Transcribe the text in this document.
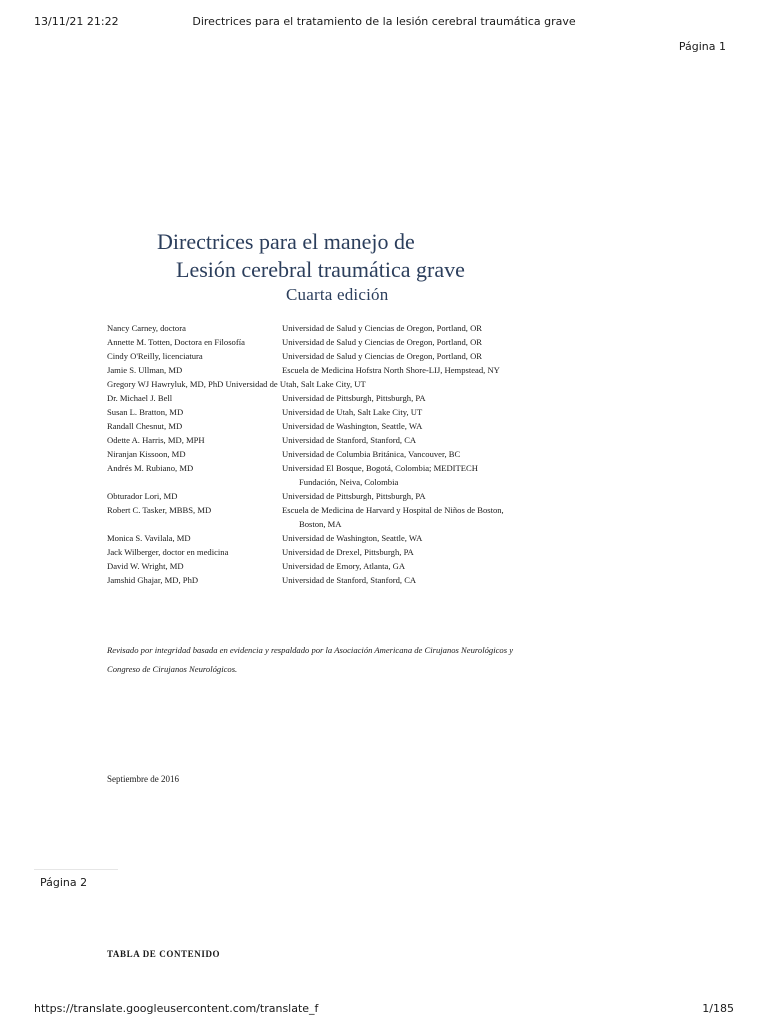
13/11/21 21:22	Directrices para el tratamiento de la lesión cerebral traumática grave
Página 1
Directrices para el manejo de
Lesión cerebral traumática grave
Cuarta edición
Nancy Carney, doctora	Universidad de Salud y Ciencias de Oregon, Portland, OR
Annette M. Totten, Doctora en Filosofía	Universidad de Salud y Ciencias de Oregon, Portland, OR
Cindy O'Reilly, licenciatura	Universidad de Salud y Ciencias de Oregon, Portland, OR
Jamie S. Ullman, MD	Escuela de Medicina Hofstra North Shore-LIJ, Hempstead, NY
Gregory WJ Hawryluk, MD, PhD Universidad de Utah, Salt Lake City, UT
Dr. Michael J. Bell	Universidad de Pittsburgh, Pittsburgh, PA
Susan L. Bratton, MD	Universidad de Utah, Salt Lake City, UT
Randall Chesnut, MD	Universidad de Washington, Seattle, WA
Odette A. Harris, MD, MPH	Universidad de Stanford, Stanford, CA
Niranjan Kissoon, MD	Universidad de Columbia Británica, Vancouver, BC
Andrés M. Rubiano, MD	Universidad El Bosque, Bogotá, Colombia; MEDITECH
Fundación, Neiva, Colombia
Obturador Lori, MD	Universidad de Pittsburgh, Pittsburgh, PA
Robert C. Tasker, MBBS, MD	Escuela de Medicina de Harvard y Hospital de Niños de Boston,
Boston, MA
Monica S. Vavilala, MD	Universidad de Washington, Seattle, WA
Jack Wilberger, doctor en medicina	Universidad de Drexel, Pittsburgh, PA
David W. Wright, MD	Universidad de Emory, Atlanta, GA
Jamshid Ghajar, MD, PhD	Universidad de Stanford, Stanford, CA
Revisado por integridad basada en evidencia y respaldado por la Asociación Americana de Cirujanos Neurológicos y Congreso de Cirujanos Neurológicos.
Septiembre de 2016
Página 2
TABLA DE CONTENIDO
https://translate.googleusercontent.com/translate_f	1/185
